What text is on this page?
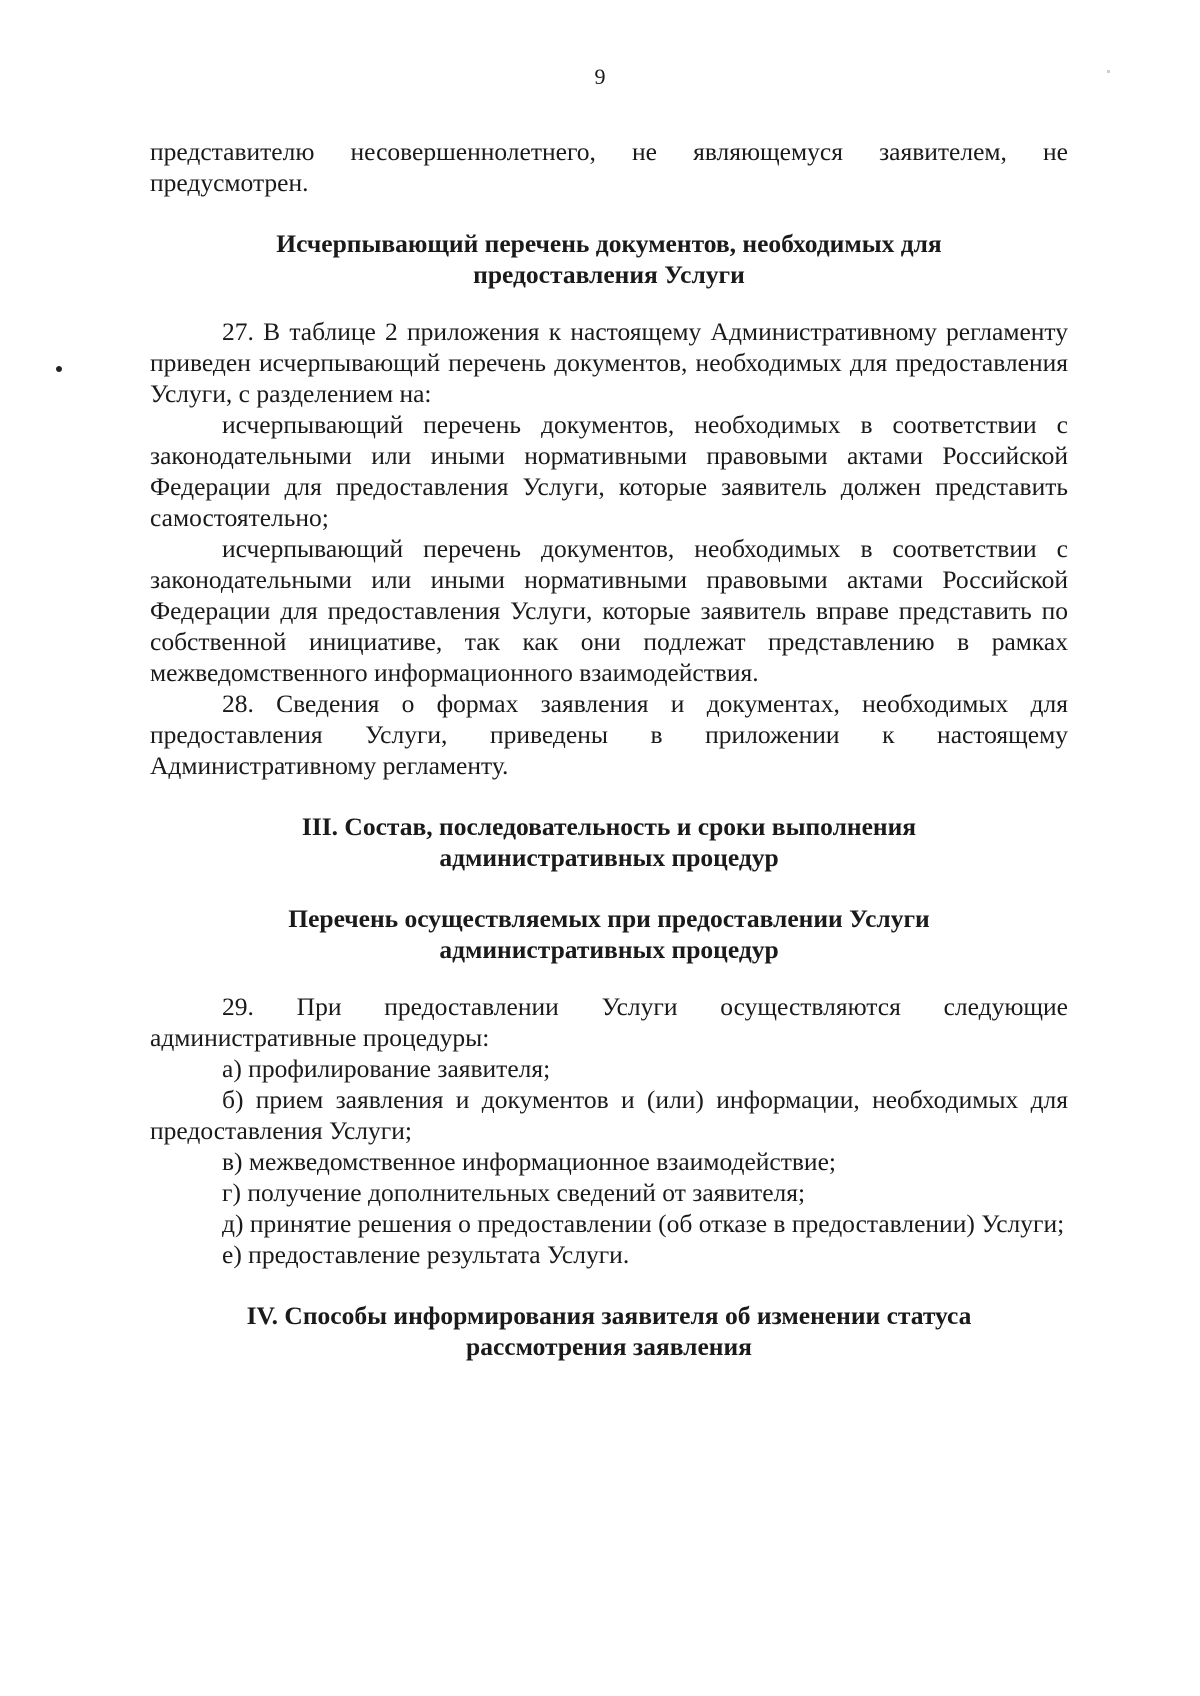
9

представителю несовершеннолетнего, не являющемуся заявителем, не предусмотрен.

Исчерпывающий перечень документов, необходимых для
предоставления Услуги

27. В таблице 2 приложения к настоящему Административному регламенту приведен исчерпывающий перечень документов, необходимых для предоставления Услуги, с разделением на:

исчерпывающий перечень документов, необходимых в соответствии с законодательными или иными нормативными правовыми актами Российской Федерации для предоставления Услуги, которые заявитель должен представить самостоятельно;

исчерпывающий перечень документов, необходимых в соответствии с законодательными или иными нормативными правовыми актами Российской Федерации для предоставления Услуги, которые заявитель вправе представить по собственной инициативе, так как они подлежат представлению в рамках межведомственного информационного взаимодействия.

28. Сведения о формах заявления и документах, необходимых для предоставления Услуги, приведены в приложении к настоящему Административному регламенту.

III. Состав, последовательность и сроки выполнения
административных процедур
Перечень осуществляемых при предоставлении Услуги
административных процедур

29. При предоставлении Услуги осуществляются следующие административные процедуры:

а) профилирование заявителя;

б) прием заявления и документов и (или) информации, необходимых для предоставления Услуги;

в) межведомственное информационное взаимодействие;

г) получение дополнительных сведений от заявителя;

д) принятие решения о предоставлении (об отказе в предоставлении) Услуги;

е) предоставление результата Услуги.

IV. Способы информирования заявителя об изменении статуса
рассмотрения заявления
